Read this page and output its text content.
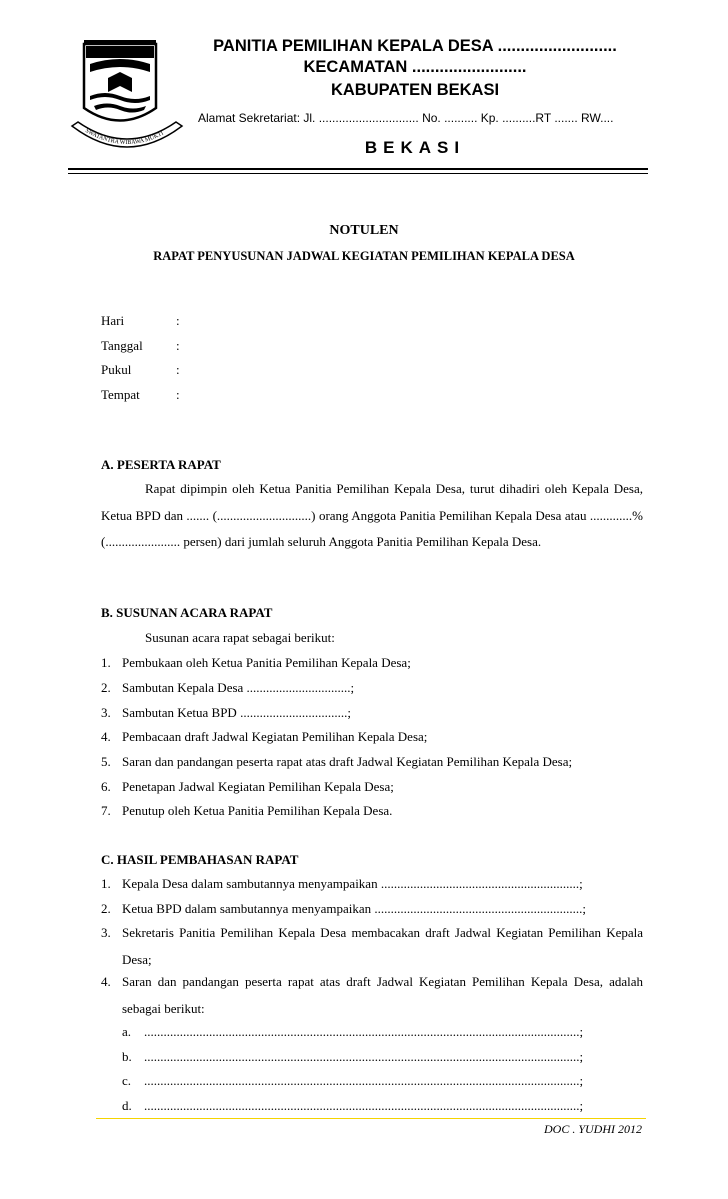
SWATANTRA WIBAWA MUKTI
PANITIA PEMILIHAN KEPALA DESA ..........................
KECAMATAN .........................
KABUPATEN BEKASI
Alamat Sekretariat: Jl. .............................. No. .......... Kp. ..........RT ....... RW....
BEKASI
NOTULEN
RAPAT PENYUSUNAN JADWAL KEGIATAN PEMILIHAN KEPALA DESA
Hari	:
Tanggal	:
Pukul	:
Tempat	:
A. PESERTA RAPAT
Rapat dipimpin oleh Ketua Panitia Pemilihan Kepala Desa, turut dihadiri oleh Kepala Desa, Ketua BPD dan ....... (.............................) orang Anggota Panitia Pemilihan Kepala Desa atau .............% (....................... persen) dari jumlah seluruh Anggota Panitia Pemilihan Kepala Desa.
B. SUSUNAN ACARA RAPAT
Susunan acara rapat sebagai berikut:
1. Pembukaan oleh Ketua Panitia Pemilihan Kepala Desa;
2. Sambutan Kepala Desa ................................;
3. Sambutan Ketua BPD .................................;
4. Pembacaan draft Jadwal Kegiatan Pemilihan Kepala Desa;
5. Saran dan pandangan peserta rapat atas draft Jadwal Kegiatan Pemilihan Kepala Desa;
6. Penetapan Jadwal Kegiatan Pemilihan Kepala Desa;
7. Penutup oleh Ketua Panitia Pemilihan Kepala Desa.
C. HASIL PEMBAHASAN RAPAT
1. Kepala Desa dalam sambutannya menyampaikan .............................................................;
2. Ketua BPD dalam sambutannya menyampaikan ................................................................;
3. Sekretaris Panitia Pemilihan Kepala Desa membacakan draft Jadwal Kegiatan Pemilihan Kepala Desa;
4. Saran dan pandangan peserta rapat atas draft Jadwal Kegiatan Pemilihan Kepala Desa, adalah sebagai berikut:
a. ......................................................................................................................................;
b. ......................................................................................................................................;
c. ......................................................................................................................................;
d. ......................................................................................................................................;
DOC . YUDHI 2012
